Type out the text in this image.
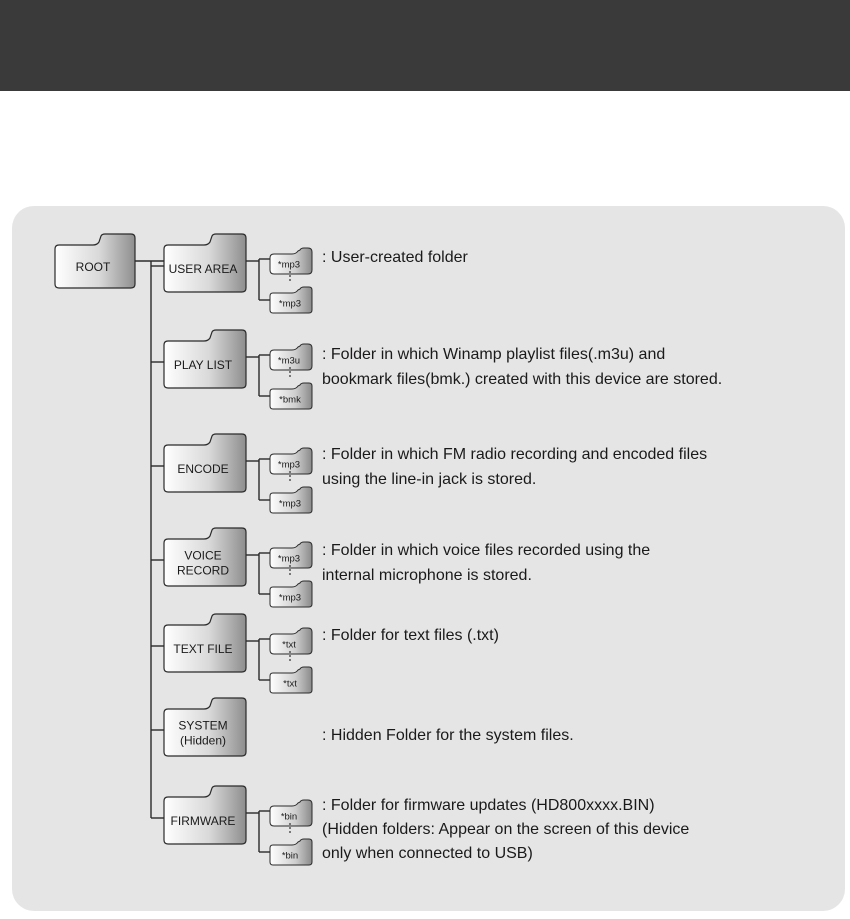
ROOT	USER AREA	*mp3
*mp3
: User-created folder
PLAY LIST	*m3u
*bmk
: Folder in which Winamp playlist files(.m3u) and
bookmark files(bmk.) created with this device are stored.
ENCODE	*mp3
*mp3
: Folder in which FM radio recording and encoded files
using the line-in jack is stored.
VOICE
RECORD
*mp3
*mp3
: Folder in which voice files recorded using the
internal microphone is stored.
TEXT FILE	*txt
*txt
: Folder for text files (.txt)
SYSTEM
(Hidden)	: Hidden Folder for the system files.
FIRMWARE	*bin
*bin
: Folder for firmware updates (HD800xxxx.BIN)
(Hidden folders: Appear on the screen of this device
only when connected to USB)
